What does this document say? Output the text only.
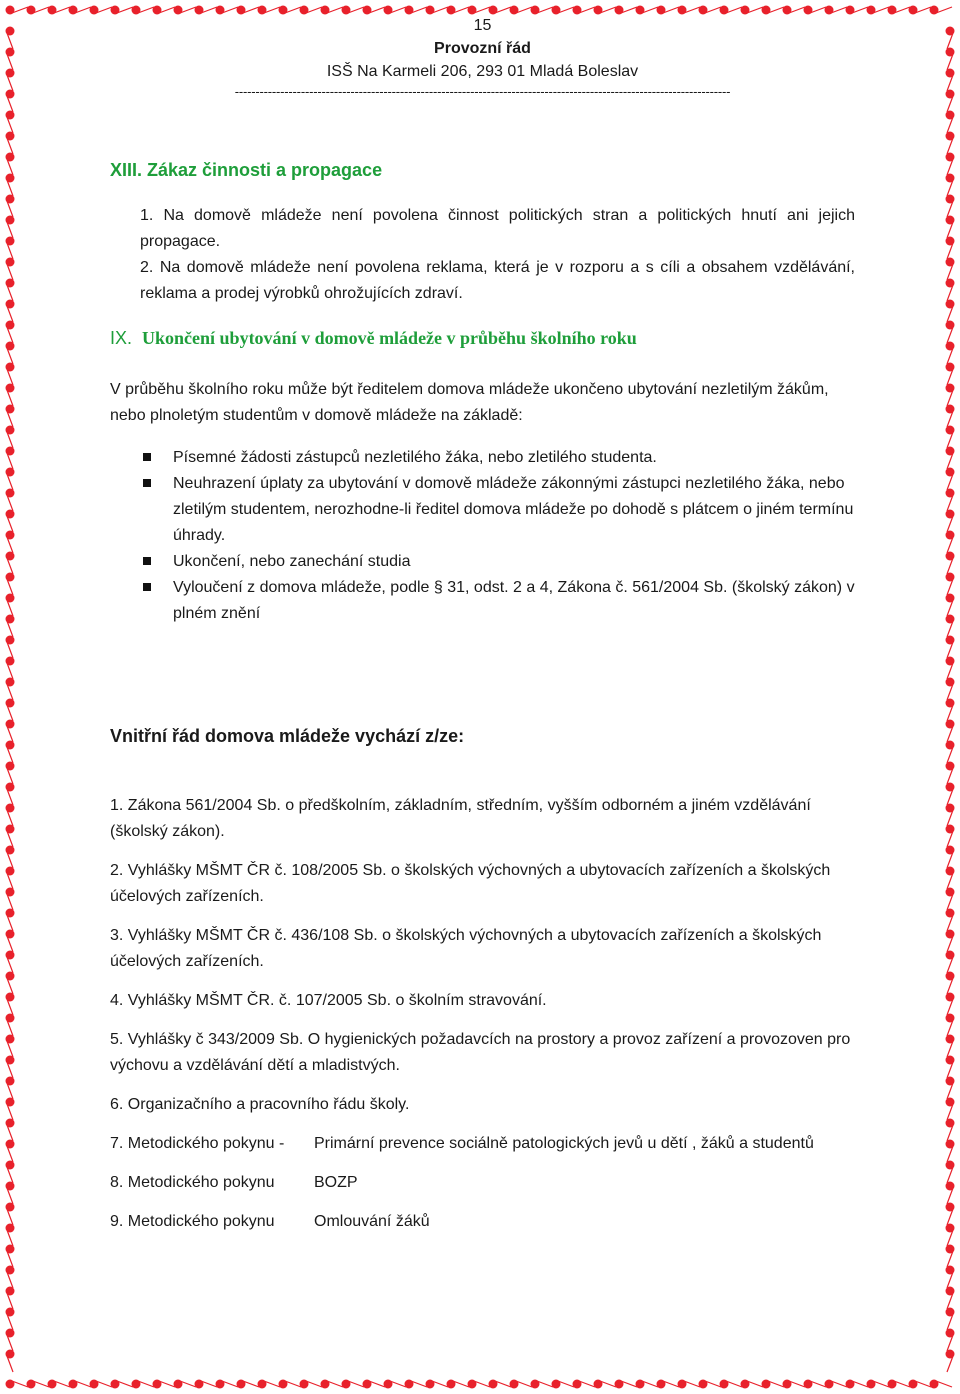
15
Provozní řád
ISŠ Na Karmeli 206, 293 01 Mladá Boleslav
------------------------------------------------------------------------------------------------------------------------
XIII. Zákaz činnosti a propagace
1. Na domově mládeže není povolena činnost politických stran a politických hnutí ani jejich propagace.
2. Na domově mládeže není povolena reklama, která je v rozporu a s cíli a obsahem vzdělávání, reklama a prodej výrobků ohrožujících zdraví.
IX. Ukončení ubytování v domově mládeže v průběhu školního roku

V průběhu školního roku může být ředitelem domova mládeže ukončeno ubytování nezletilým žákům, nebo plnoletým studentům v domově mládeže na základě:

Písemné žádosti zástupců nezletilého žáka, nebo zletilého studenta.
Neuhrazení úplaty za ubytování v domově mládeže zákonnými zástupci nezletilého žáka, nebo zletilým studentem, nerozhodne-li ředitel domova mládeže po dohodě s plátcem o jiném termínu úhrady.
Ukončení, nebo zanechání studia
Vyloučení z domova mládeže, podle § 31, odst. 2 a 4, Zákona č. 561/2004 Sb. (školský zákon) v plném znění
Vnitřní řád domova mládeže vychází z/ze:

1. Zákona 561/2004 Sb. o předškolním, základním, středním, vyšším odborném a jiném vzdělávání (školský zákon).

2. Vyhlášky MŠMT ČR č. 108/2005 Sb. o školských výchovných a ubytovacích zařízeních a školských účelových zařízeních.

3. Vyhlášky MŠMT ČR č. 436/108 Sb. o školských výchovných a ubytovacích zařízeních a školských účelových zařízeních.

4. Vyhlášky MŠMT ČR. č. 107/2005 Sb. o školním stravování.

5. Vyhlášky č 343/2009 Sb. O hygienických požadavcích na prostory a provoz zařízení a provozoven pro výchovu a vzdělávání dětí a mladistvých.

6. Organizačního a pracovního řádu školy.

7. Metodického pokynu -	Primární prevence sociálně patologických jevů u dětí , žáků a studentů

8. Metodického pokynu	BOZP

9. Metodického pokynu	Omlouvání žáků
